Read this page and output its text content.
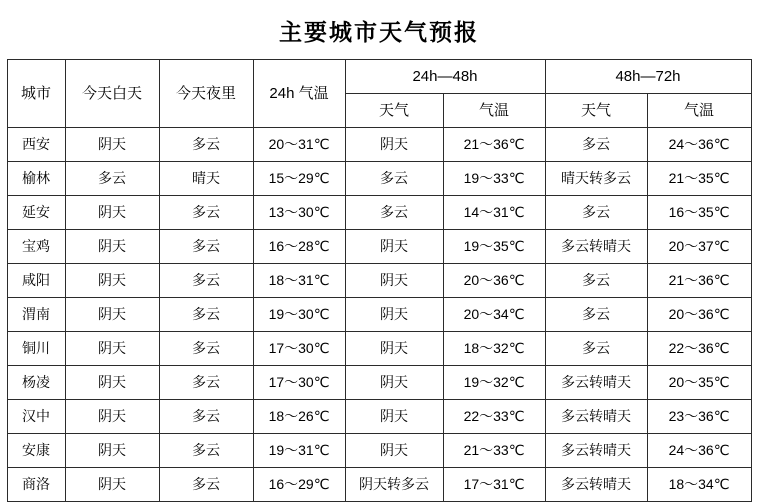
主要城市天气预报
城市	今天白天	今天夜里	24h 气温	24h—48h		48h—72h	
				天气	气温	天气	气温
西安	阴天	多云	20～31℃	阴天	21～36℃	多云	24～36℃
榆林	多云	晴天	15～29℃	多云	19～33℃	晴天转多云	21～35℃
延安	阴天	多云	13～30℃	多云	14～31℃	多云	16～35℃
宝鸡	阴天	多云	16～28℃	阴天	19～35℃	多云转晴天	20～37℃
咸阳	阴天	多云	18～31℃	阴天	20～36℃	多云	21～36℃
渭南	阴天	多云	19～30℃	阴天	20～34℃	多云	20～36℃
铜川	阴天	多云	17～30℃	阴天	18～32℃	多云	22～36℃
杨凌	阴天	多云	17～30℃	阴天	19～32℃	多云转晴天	20～35℃
汉中	阴天	多云	18～26℃	阴天	22～33℃	多云转晴天	23～36℃
安康	阴天	多云	19～31℃	阴天	21～33℃	多云转晴天	24～36℃
商洛	阴天	多云	16～29℃	阴天转多云	17～31℃	多云转晴天	18～34℃
